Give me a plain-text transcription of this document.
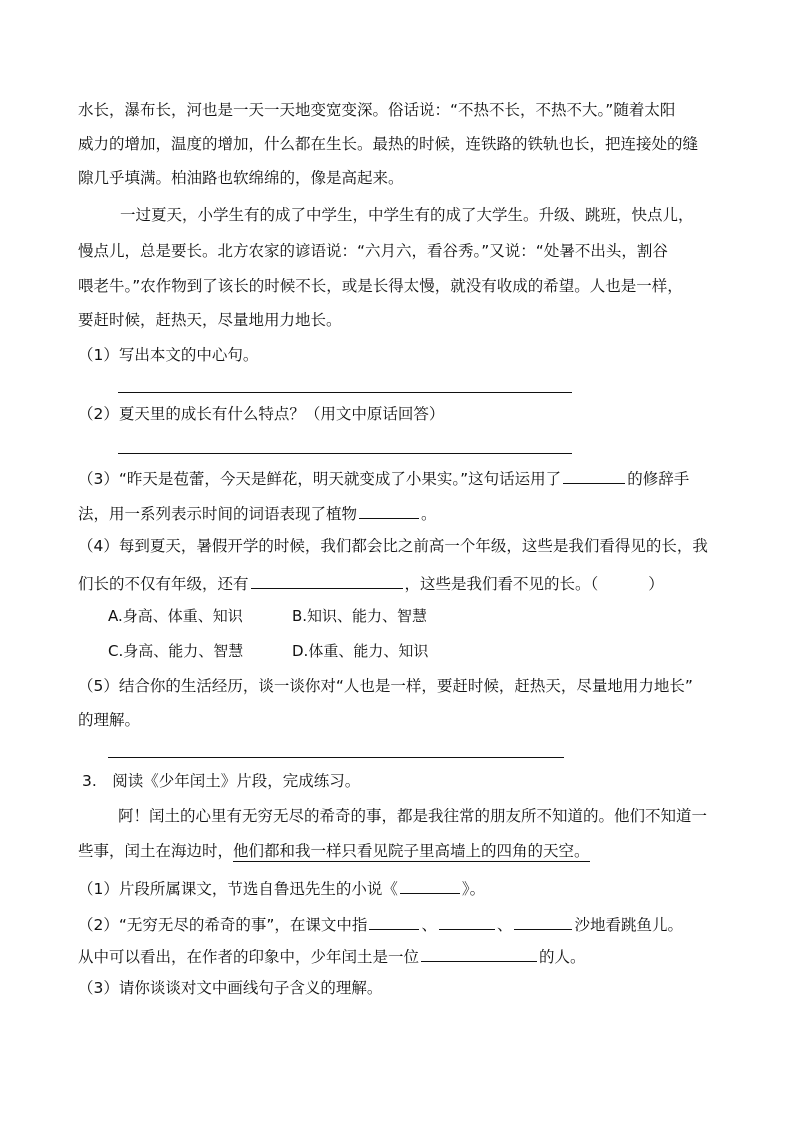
水长，瀑布长，河也是一天一天地变宽变深。俗话说：“不热不长，不热不大。”随着太阳
威力的增加，温度的增加，什么都在生长。最热的时候，连铁路的铁轨也长，把连接处的缝
隙几乎填满。柏油路也软绵绵的，像是高起来。
一过夏天，小学生有的成了中学生，中学生有的成了大学生。升级、跳班，快点儿，
慢点儿，总是要长。北方农家的谚语说：“六月六，看谷秀。”又说：“处暑不出头，割谷
喂老牛。”农作物到了该长的时候不长，或是长得太慢，就没有收成的希望。人也是一样，
要赶时候，赶热天，尽量地用力地长。
（1）写出本文的中心句。
（2）夏天里的成长有什么特点？（用文中原话回答）
（3）“昨天是苞蕾，今天是鲜花，明天就变成了小果实。”这句话运用了	的修辞手
法，用一系列表示时间的词语表现了植物	。
（4）每到夏天，暑假开学的时候，我们都会比之前高一个年级，这些是我们看得见的长，我
们长的不仅有年级，还有	，这些是我们看不见的长。（	）
A.身高、体重、知识	B.知识、能力、智慧
C.身高、能力、智慧	D.体重、能力、知识
（5）结合你的生活经历，谈一谈你对“人也是一样，要赶时候，赶热天，尽量地用力地长”
的理解。
3.　阅读《少年闰土》片段，完成练习。
阿！闰土的心里有无穷无尽的希奇的事，都是我往常的朋友所不知道的。他们不知道一
些事，闰土在海边时，他们都和我一样只看见院子里高墙上的四角的天空。
（1）片段所属课文，节选自鲁迅先生的小说《	》。
（2）“无穷无尽的希奇的事”，在课文中指	、	、	沙地看跳鱼儿。
从中可以看出，在作者的印象中，少年闰土是一位	的人。
（3）请你谈谈对文中画线句子含义的理解。
